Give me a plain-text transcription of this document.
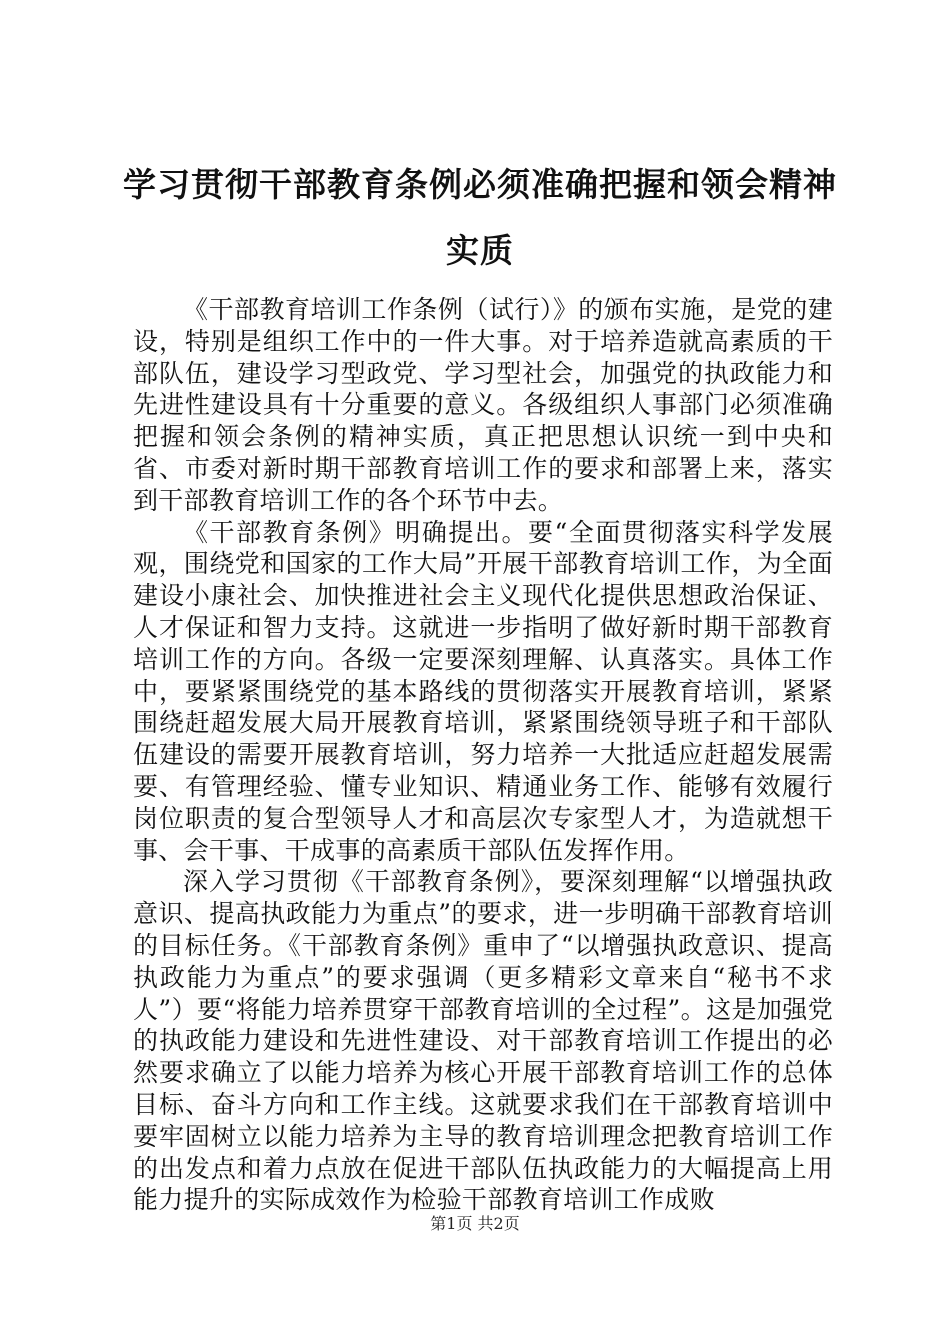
学习贯彻干部教育条例必须准确把握和领会精神实质

《干部教育培训工作条例（试行）》的颁布实施，是党的建设，特别是组织工作中的一件大事。对于培养造就高素质的干部队伍，建设学习型政党、学习型社会，加强党的执政能力和先进性建设具有十分重要的意义。各级组织人事部门必须准确把握和领会条例的精神实质，真正把思想认识统一到中央和省、市委对新时期干部教育培训工作的要求和部署上来，落实到干部教育培训工作的各个环节中去。

《干部教育条例》明确提出。要“全面贯彻落实科学发展观，围绕党和国家的工作大局”开展干部教育培训工作，为全面建设小康社会、加快推进社会主义现代化提供思想政治保证、人才保证和智力支持。这就进一步指明了做好新时期干部教育培训工作的方向。各级一定要深刻理解、认真落实。具体工作中，要紧紧围绕党的基本路线的贯彻落实开展教育培训，紧紧围绕赶超发展大局开展教育培训，紧紧围绕领导班子和干部队伍建设的需要开展教育培训，努力培养一大批适应赶超发展需要、有管理经验、懂专业知识、精通业务工作、能够有效履行岗位职责的复合型领导人才和高层次专家型人才，为造就想干事、会干事、干成事的高素质干部队伍发挥作用。

深入学习贯彻《干部教育条例》，要深刻理解“以增强执政意识、提高执政能力为重点”的要求，进一步明确干部教育培训的目标任务。《干部教育条例》重申了“以增强执政意识、提高执政能力为重点”的要求强调（更多精彩文章来自“秘书不求人”）要“将能力培养贯穿干部教育培训的全过程”。这是加强党的执政能力建设和先进性建设、对干部教育培训工作提出的必然要求确立了以能力培养为核心开展干部教育培训工作的总体目标、奋斗方向和工作主线。这就要求我们在干部教育培训中要牢固树立以能力培养为主导的教育培训理念把教育培训工作的出发点和着力点放在促进干部队伍执政能力的大幅提高上用能力提升的实际成效作为检验干部教育培训工作成败

第1页 共2页
